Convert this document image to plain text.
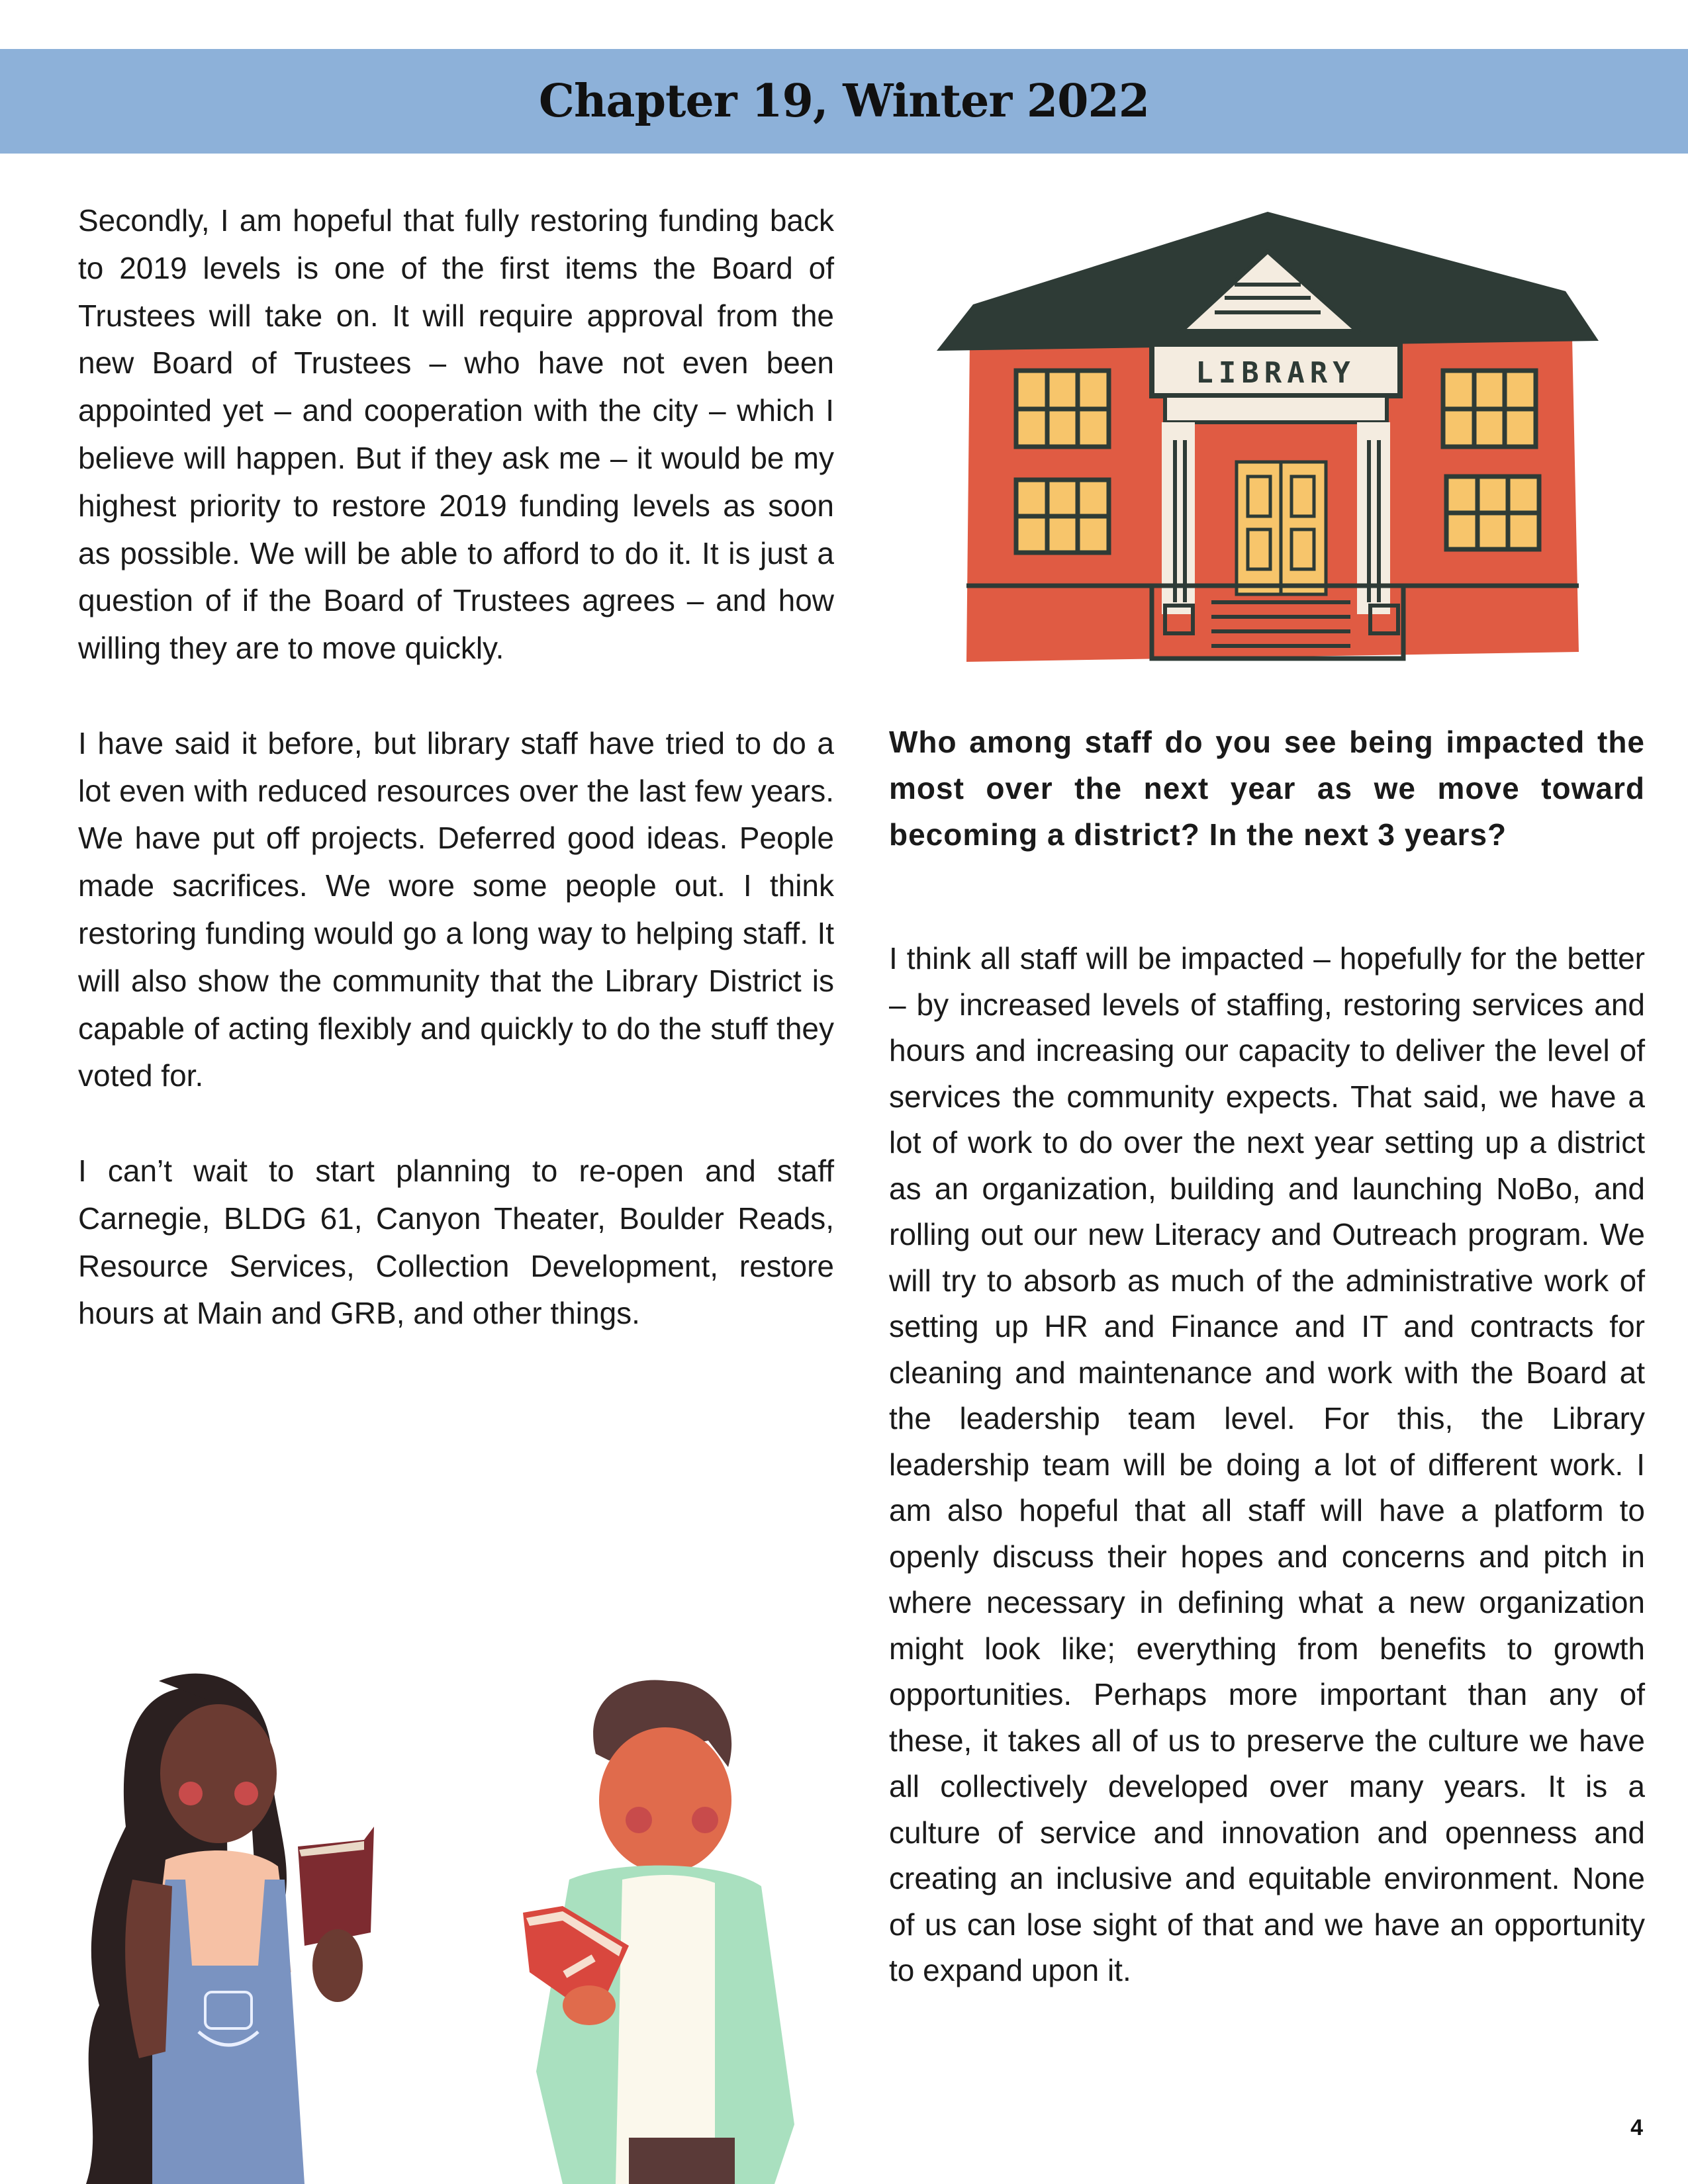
Chapter 19, Winter 2022

Secondly, I am hopeful that fully restoring funding back to 2019 levels is one of the first items the Board of Trustees will take on. It will require approval from the new Board of Trustees – who have not even been appointed yet – and cooperation with the city – which I believe will happen. But if they ask me – it would be my highest priority to restore 2019 funding levels as soon as possible. We will be able to afford to do it. It is just a question of if the Board of Trustees agrees – and how willing they are to move quickly.

I have said it before, but library staff have tried to do a lot even with reduced resources over the last few years. We have put off projects. Deferred good ideas. People made sacrifices. We wore some people out. I think restoring funding would go a long way to helping staff. It will also show the community that the Library District is capable of acting flexibly and quickly to do the stuff they voted for.

I can’t wait to start planning to re-open and staff Carnegie, BLDG 61, Canyon Theater, Boulder Reads, Resource Services, Collection Development, restore hours at Main and GRB, and other things.

LIBRARY
Who among staff do you see being impacted the most over the next year as we move toward becoming a district? In the next 3 years?
I think all staff will be impacted – hopefully for the better – by increased levels of staffing, restoring services and hours and increasing our capacity to deliver the level of services the community expects. That said, we have a lot of work to do over the next year setting up a district as an organization, building and launching NoBo, and rolling out our new Literacy and Outreach program. We will try to absorb as much of the administrative work of setting up HR and Finance and IT and contracts for cleaning and maintenance and work with the Board at the leadership team level. For this, the Library leadership team will be doing a lot of different work. I am also hopeful that all staff will have a platform to openly discuss their hopes and concerns and pitch in where necessary in defining what a new organization might look like; everything from benefits to growth opportunities. Perhaps more important than any of these, it takes all of us to preserve the culture we have all collectively developed over many years. It is a culture of service and innovation and openness and creating an inclusive and equitable environment. None of us can lose sight of that and we have an opportunity to expand upon it.
4
